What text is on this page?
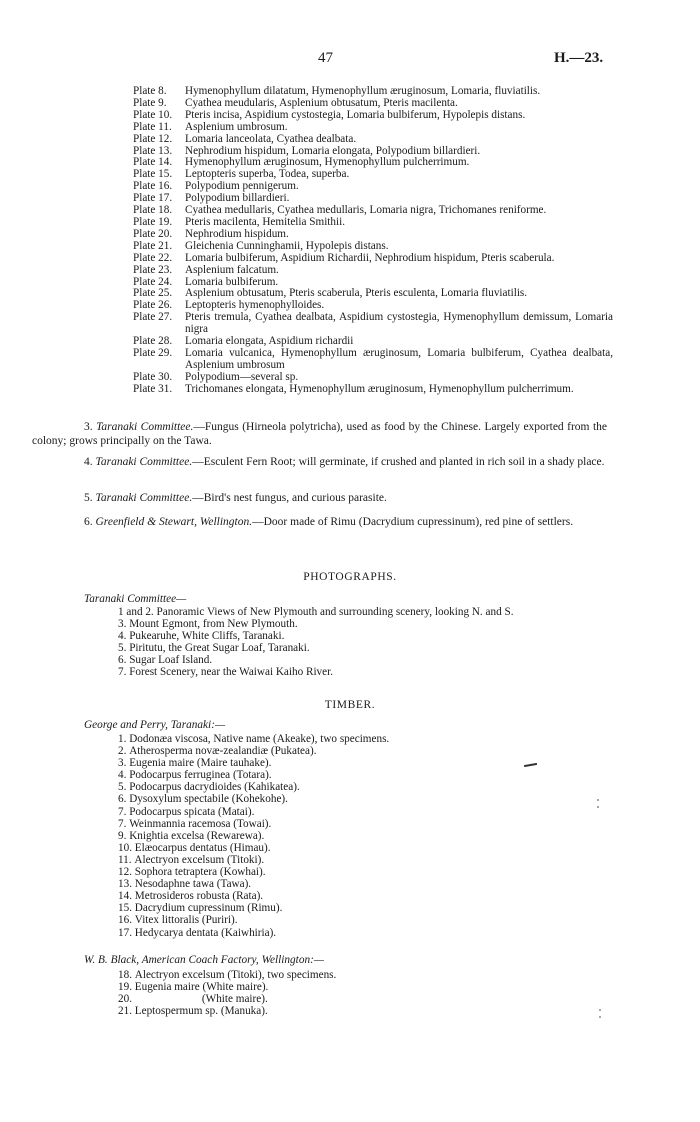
47	H.—23.
Plate 8.	Hymenophyllum dilatatum, Hymenophyllum æruginosum, Lomaria, fluviatilis.
Plate 9.	Cyathea meudularis, Asplenium obtusatum, Pteris macilenta.
Plate 10.	Pteris incisa, Aspidium cystostegia, Lomaria bulbiferum, Hypolepis distans.
Plate 11.	Asplenium umbrosum.
Plate 12.	Lomaria lanceolata, Cyathea dealbata.
Plate 13.	Nephrodium hispidum, Lomaria elongata, Polypodium billardieri.
Plate 14.	Hymenophyllum æruginosum, Hymenophyllum pulcherrimum.
Plate 15.	Leptopteris superba, Todea, superba.
Plate 16.	Polypodium pennigerum.
Plate 17.	Polypodium billardieri.
Plate 18.	Cyathea medullaris, Cyathea medullaris, Lomaria nigra, Trichomanes reniforme.
Plate 19.	Pteris macilenta, Hemitelia Smithii.
Plate 20.	Nephrodium hispidum.
Plate 21.	Gleichenia Cunninghamii, Hypolepis distans.
Plate 22.	Lomaria bulbiferum, Aspidium Richardii, Nephrodium hispidum, Pteris scaberula.
Plate 23.	Asplenium falcatum.
Plate 24.	Lomaria bulbiferum.
Plate 25.	Asplenium obtusatum, Pteris scaberula, Pteris esculenta, Lomaria fluviatilis.
Plate 26.	Leptopteris hymenophylloides.
Plate 27.	Pteris tremula, Cyathea dealbata, Aspidium cystostegia, Hymenophyllum demissum, Lomaria nigra
Plate 28.	Lomaria elongata, Aspidium richardii
Plate 29.	Lomaria vulcanica, Hymenophyllum æruginosum, Lomaria bulbiferum, Cyathea dealbata, Asplenium umbrosum
Plate 30.	Polypodium—several sp.
Plate 31.	Trichomanes elongata, Hymenophyllum æruginosum, Hymenophyllum pulcherrimum.
3. Taranaki Committee.—Fungus (Hirneola polytricha), used as food by the Chinese. Largely exported from the colony; grows principally on the Tawa.
4. Taranaki Committee.—Esculent Fern Root; will germinate, if crushed and planted in rich soil in a shady place.
5. Taranaki Committee.—Bird's nest fungus, and curious parasite.
6. Greenfield & Stewart, Wellington.—Door made of Rimu (Dacrydium cupressinum), red pine of settlers.
PHOTOGRAPHS.
Taranaki Committee—
1 and 2.
Panoramic Views of New Plymouth and surrounding scenery, looking N. and S.
3.
Mount Egmont, from New Plymouth.
4.
Pukearuhe, White Cliffs, Taranaki.
5.
Piritutu, the Great Sugar Loaf, Taranaki.
6.
Sugar Loaf Island.
7.
Forest Scenery, near the Waiwai Kaiho River.
TIMBER.
George and Perry, Taranaki:—
1.
Dodonæa viscosa, Native name (Akeake), two specimens.
2.
Atherosperma novæ-zealandiæ (Pukatea).
3.
Eugenia maire (Maire tauhake).
4.
Podocarpus ferruginea (Totara).
5.
Podocarpus dacrydioides (Kahikatea).
6.
Dysoxylum spectabile (Kohekohe).
7.
Podocarpus spicata (Matai).
7.
Weinmannia racemosa (Towai).
9.
Knightia excelsa (Rewarewa).
10.
Elæocarpus dentatus (Himau).
11.
Alectryon excelsum (Titoki).
12.
Sophora tetraptera (Kowhai).
13.
Nesodaphne tawa (Tawa).
14.
Metrosideros robusta (Rata).
15.
Dacrydium cupressinum (Rimu).
16.
Vitex littoralis (Puriri).
17.
Hedycarya dentata (Kaiwhiria).
W. B. Black, American Coach Factory, Wellington:—
18.
Alectryon excelsum (Titoki), two specimens.
19.
Eugenia maire (White maire).
20.
(White maire).
21.
Leptospermum sp. (Manuka).
